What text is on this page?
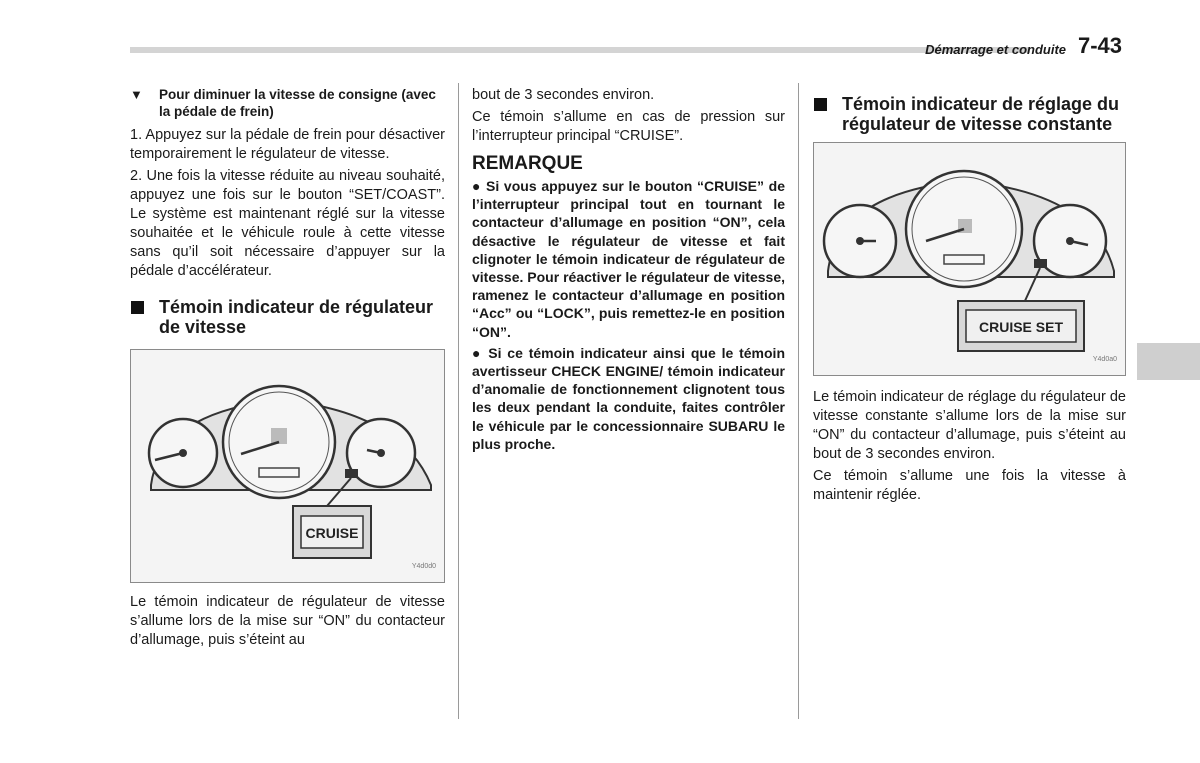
Démarrage et conduite 7-43
▼	Pour diminuer la vitesse de consigne (avec la pédale de frein)

1. Appuyez sur la pédale de frein pour désactiver temporairement le régulateur de vitesse.

2. Une fois la vitesse réduite au niveau souhaité, appuyez une fois sur le bouton “SET/COAST”. Le système est maintenant réglé sur la vitesse souhaitée et le véhicule roule à cette vitesse sans qu’il soit nécessaire d’appuyer sur la pédale d’accélérateur.

Témoin indicateur de régulateur de vitesse
CRUISE
Y4d0d0

Le témoin indicateur de régulateur de vitesse s’allume lors de la mise sur “ON” du contacteur d’allumage, puis s’éteint au

bout de 3 secondes environ.

Ce témoin s’allume en cas de pression sur l’interrupteur principal “CRUISE”.

REMARQUE

● Si vous appuyez sur le bouton “CRUISE” de l’interrupteur principal tout en tournant le contacteur d’allumage en position “ON”, cela désactive le régulateur de vitesse et fait clignoter le témoin indicateur de régulateur de vitesse. Pour réactiver le régulateur de vitesse, ramenez le contacteur d’allumage en position “Acc” ou “LOCK”, puis remettez-le en position “ON”.

● Si ce témoin indicateur ainsi que le témoin avertisseur CHECK ENGINE/ témoin indicateur d’anomalie de fonctionnement clignotent tous les deux pendant la conduite, faites contrôler le véhicule par le concessionnaire SUBARU le plus proche.

Témoin indicateur de réglage du régulateur de vitesse constante
CRUISE SET
Y4d0a0

Le témoin indicateur de réglage du régulateur de vitesse constante s’allume lors de la mise sur “ON” du contacteur d’allumage, puis s’éteint au bout de 3 secondes environ.

Ce témoin s’allume une fois la vitesse à maintenir réglée.
